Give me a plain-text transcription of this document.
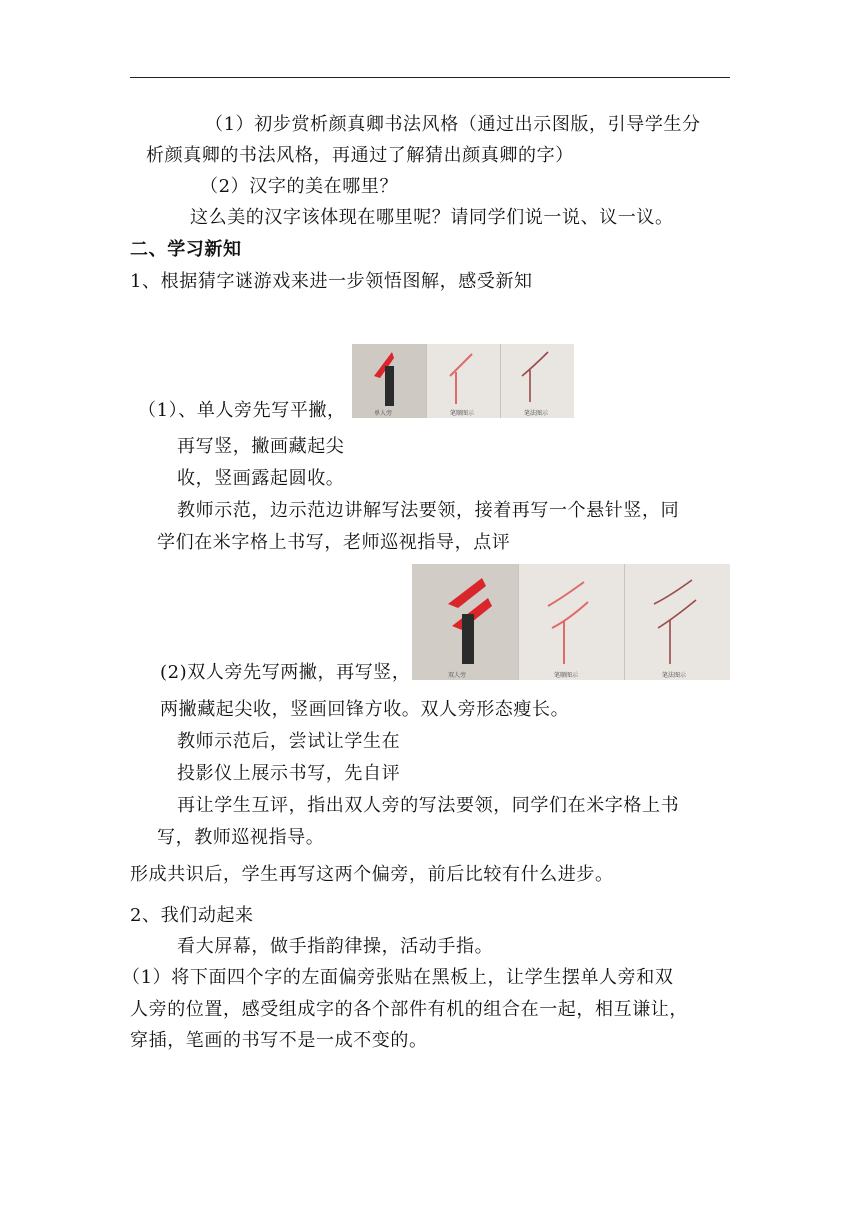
（1）初步赏析颜真卿书法风格（通过出示图版，引导学生分
析颜真卿的书法风格，再通过了解猜出颜真卿的字）
（2）汉字的美在哪里？
这么美的汉字该体现在哪里呢？请同学们说一说、议一议。
二、学习新知
1、根据猜字谜游戏来进一步领悟图解，感受新知
单人旁	笔顺图示	笔法图示
（1）、单人旁先写平撇，
再写竖，撇画藏起尖
收，竖画露起圆收。
教师示范，边示范边讲解写法要领，接着再写一个悬针竖，同
学们在米字格上书写，老师巡视指导，点评
双人旁	笔顺图示	笔法图示
(2)双人旁先写两撇，再写竖，
两撇藏起尖收，竖画回锋方收。双人旁形态瘦长。
教师示范后，尝试让学生在
投影仪上展示书写，先自评
再让学生互评，指出双人旁的写法要领，同学们在米字格上书
写，教师巡视指导。
形成共识后，学生再写这两个偏旁，前后比较有什么进步。
2、我们动起来
看大屏幕，做手指韵律操，活动手指。
（1）将下面四个字的左面偏旁张贴在黑板上，让学生摆单人旁和双
人旁的位置，感受组成字的各个部件有机的组合在一起，相互谦让，
穿插，笔画的书写不是一成不变的。
